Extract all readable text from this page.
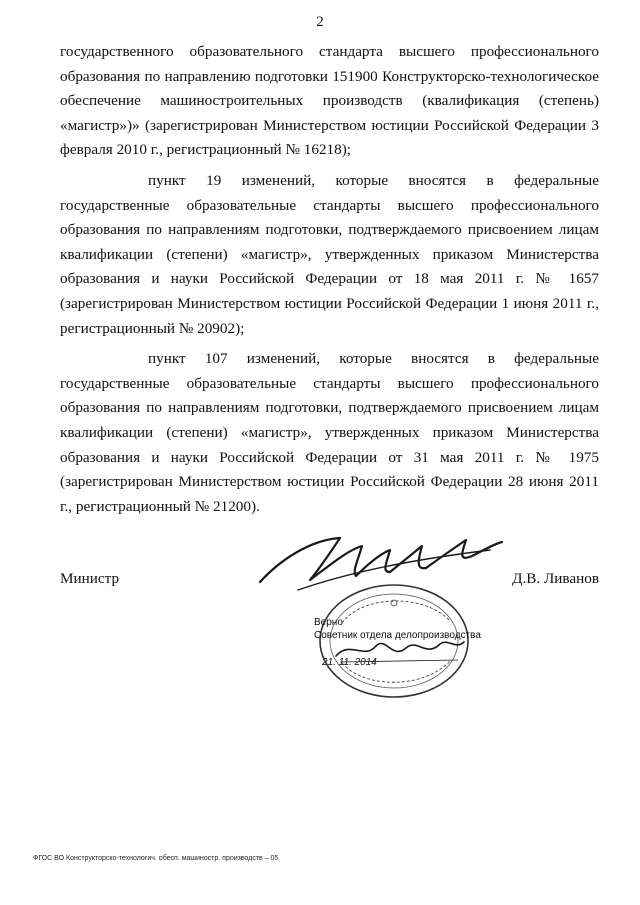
2

государственного образовательного стандарта высшего профессионального образования по направлению подготовки 151900 Конструкторско-технологическое обеспечение машиностроительных производств (квалификация (степень) «магистр»)» (зарегистрирован Министерством юстиции Российской Федерации 3 февраля 2010 г., регистрационный № 16218);

пункт 19 изменений, которые вносятся в федеральные государственные образовательные стандарты высшего профессионального образования по направлениям подготовки, подтверждаемого присвоением лицам квалификации (степени) «магистр», утвержденных приказом Министерства образования и науки Российской Федерации от 18 мая 2011 г. № 1657 (зарегистрирован Министерством юстиции Российской Федерации 1 июня 2011 г., регистрационный № 20902);

пункт 107 изменений, которые вносятся в федеральные государственные образовательные стандарты высшего профессионального образования по направлениям подготовки, подтверждаемого присвоением лицам квалификации (степени) «магистр», утвержденных приказом Министерства образования и науки Российской Федерации от 31 мая 2011 г. № 1975 (зарегистрирован Министерством юстиции Российской Федерации 28 июня 2011 г., регистрационный № 21200).

Министр	Д.В. Ливанов
Верно
Советник отдела делопроизводства
21. 11. 2014
ФГОС ВО Конструкторско-технологич. обесп. машиностр. производств – 05
